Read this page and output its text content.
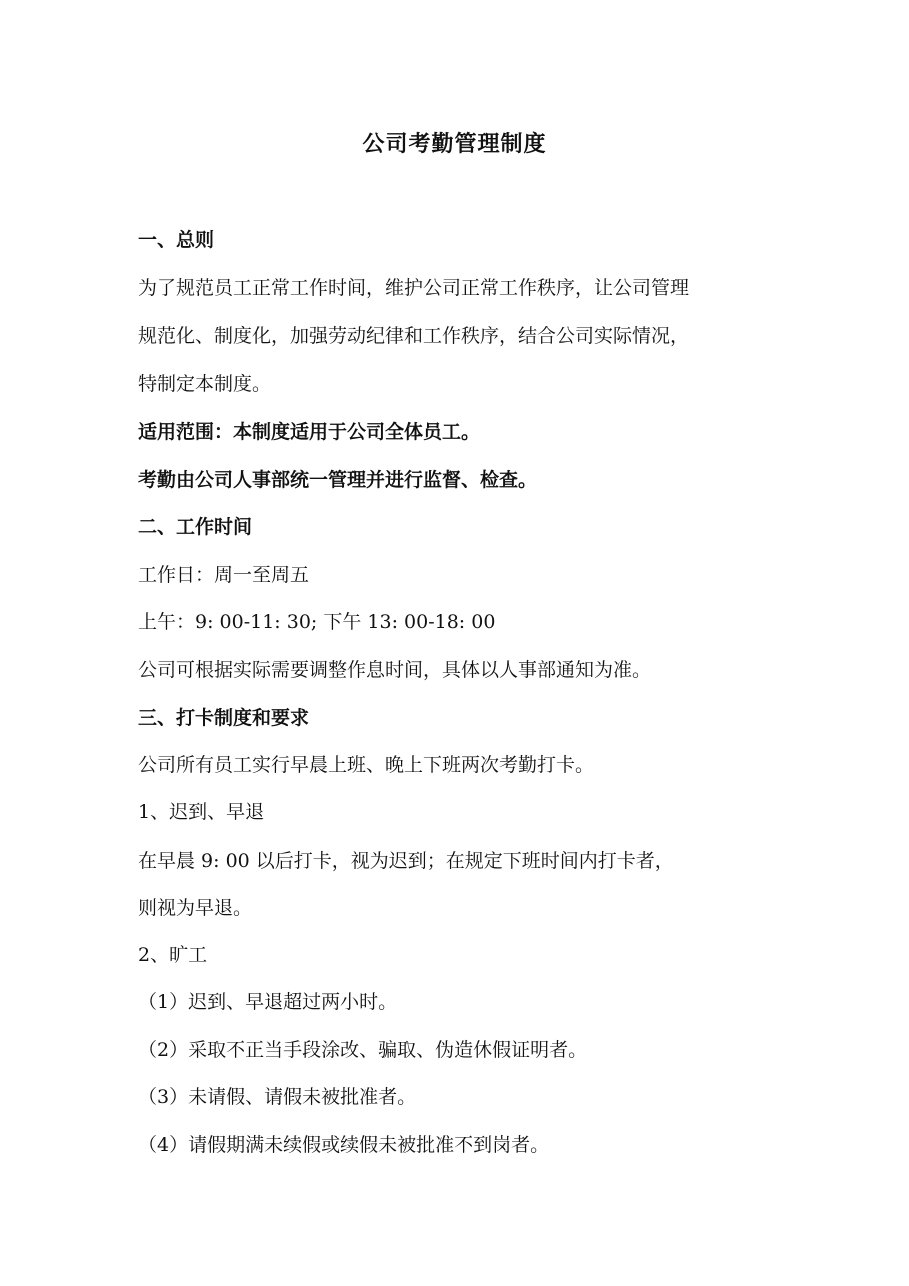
公司考勤管理制度
一、总则
为了规范员工正常工作时间，维护公司正常工作秩序，让公司管理
规范化、制度化，加强劳动纪律和工作秩序，结合公司实际情况，
特制定本制度。
适用范围：本制度适用于公司全体员工。
考勤由公司人事部统一管理并进行监督、检查。
二、工作时间
工作日：周一至周五
上午：9: 00-11: 30; 下午 13: 00-18: 00
公司可根据实际需要调整作息时间，具体以人事部通知为准。
三、打卡制度和要求
公司所有员工实行早晨上班、晚上下班两次考勤打卡。
1、迟到、早退
在早晨 9: 00 以后打卡，视为迟到；在规定下班时间内打卡者，
则视为早退。
2、旷工
（1）迟到、早退超过两小时。
（2）采取不正当手段涂改、骗取、伪造休假证明者。
（3）未请假、请假未被批准者。
（4）请假期满未续假或续假未被批准不到岗者。
